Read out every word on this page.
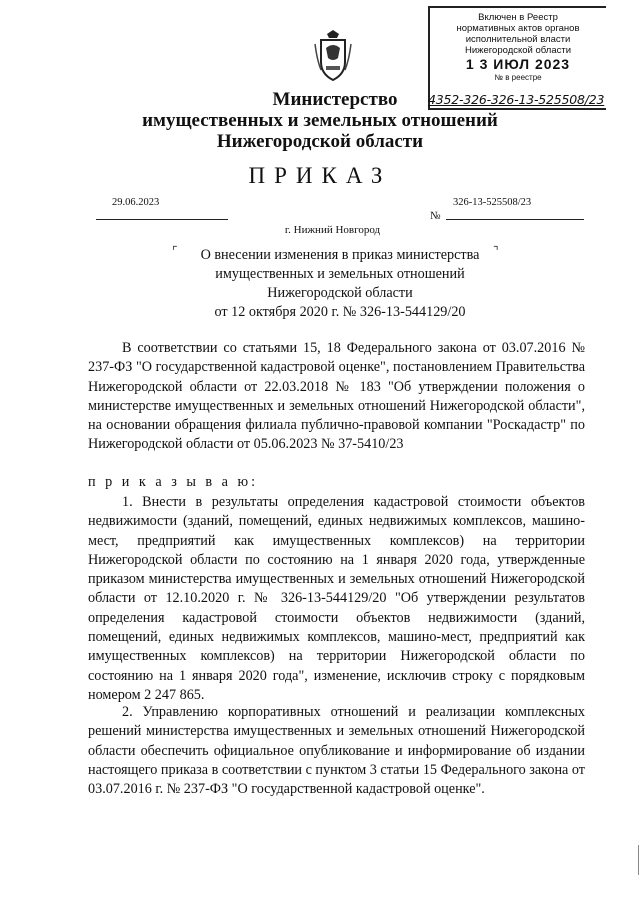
Включен в Реестр
нормативных актов органов
исполнительной власти
Нижегородской области
1 3 ИЮЛ 2023
№ в реестре
4352-326-326-13-525508/23
Министерство
имущественных и земельных отношений
Нижегородской области
ПРИКАЗ
29.06.2023
№
326-13-525508/23
г. Нижний Новгород
⌜	⌝
О внесении изменения в приказ министерства
имущественных и земельных отношений
Нижегородской области
от 12 октября 2020 г. № 326-13-544129/20
В соответствии со статьями 15, 18 Федерального закона от 03.07.2016 № 237-ФЗ "О государственной кадастровой оценке", постановлением Правительства Нижегородской области от 22.03.2018 № 183 "Об утверждении положения о министерстве имущественных и земельных отношений Нижегородской области", на основании обращения филиала публично-правовой компании "Роскадастр" по Нижегородской области от 05.06.2023 № 37-5410/23
п р и к а з ы в а ю:
1. Внести в результаты определения кадастровой стоимости объектов недвижимости (зданий, помещений, единых недвижимых комплексов, машино-мест, предприятий как имущественных комплексов) на территории Нижегородской области по состоянию на 1 января 2020 года, утвержденные приказом министерства имущественных и земельных отношений Нижегородской области от 12.10.2020 г. № 326-13-544129/20 "Об утверждении результатов определения кадастровой стоимости объектов недвижимости (зданий, помещений, единых недвижимых комплексов, машино-мест, предприятий как имущественных комплексов) на территории Нижегородской области по состоянию на 1 января 2020 года", изменение, исключив строку с порядковым номером 2 247 865.
2. Управлению корпоративных отношений и реализации комплексных решений министерства имущественных и земельных отношений Нижегородской области обеспечить официальное опубликование и информирование об издании настоящего приказа в соответствии с пунктом 3 статьи 15 Федерального закона от 03.07.2016 г. № 237-ФЗ "О государственной кадастровой оценке".
